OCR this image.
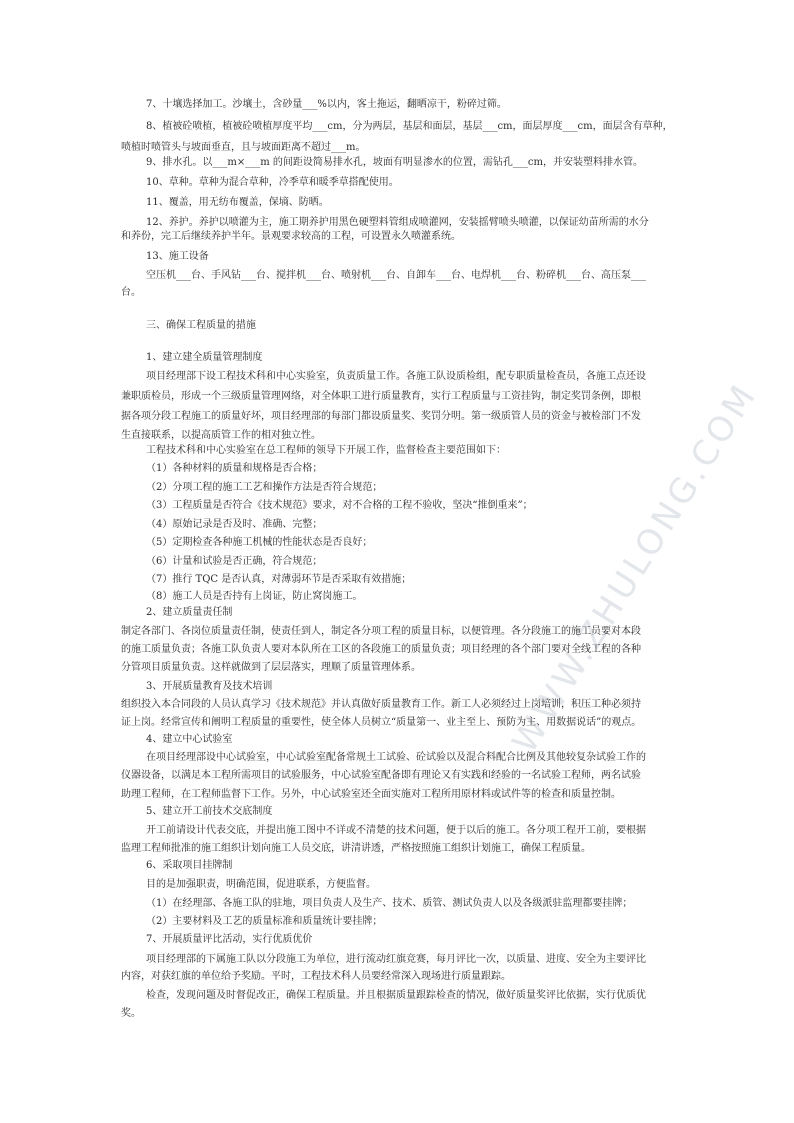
WWW.ZHULONG.COM
7、十壤选择加工。沙壤土，含砂量___%以内，客土拖运，翻晒凉干，粉碎过筛。
8、植被砼喷植，植被砼喷植厚度平均___cm，分为两层，基层和面层，基层___cm，面层厚度___cm，面层含有草种，
喷植时喷管头与坡面垂直，且与坡面距离不超过___m。
9、排水孔。以___m×___m 的间距设简易排水孔，坡面有明显渗水的位置，需钻孔___cm，并安装塑料排水管。
10、草种。草种为混合草种，冷季草和暖季草搭配使用。
11、覆盖，用无纺布覆盖，保墒、防晒。
12、养护。养护以喷灌为主，施工期养护用黑色硬塑料管组成喷灌网，安装摇臂喷头喷灌，以保证幼苗所需的水分
和养份，完工后继续养护半年。景观要求较高的工程，可设置永久喷灌系统。
13、施工设备
空压机___台、手风钻___台、搅拌机___台、喷射机___台、自卸车___台、电焊机___台、粉碎机___台、高压泵___
台。
三、确保工程质量的措施
1、建立建全质量管理制度
项目经理部下设工程技术科和中心实验室，负责质量工作。各施工队设质检组，配专职质量检查员，各施工点还设
兼职质检员，形成一个三级质量管理网络，对全体职工进行质量教育，实行工程质量与工资挂钩，制定奖罚条例，即根
据各项分段工程施工的质量好坏，项目经理部的每部门都设质量奖、奖罚分明。第一级质管人员的资金与被检部门不发
生直接联系，以提高质管工作的相对独立性。
工程技术科和中心实验室在总工程师的领导下开展工作，监督检查主要范围如下：
（1）各种材料的质量和规格是否合格；
（2）分项工程的施工工艺和操作方法是否符合规范；
（3）工程质量是否符合《技术规范》要求，对不合格的工程不验收，坚决“推倒重来”；
（4）原始记录是否及时、准确、完整；
（5）定期检查各种施工机械的性能状态是否良好；
（6）计量和试验是否正确，符合规范；
（7）推行 TQC 是否认真，对薄弱环节是否采取有效措施；
（8）施工人员是否持有上岗证，防止窝岗施工。
2、建立质量责任制
制定各部门、各岗位质量责任制，使责任到人，制定各分项工程的质量目标，以便管理。各分段施工的施工员要对本段
的施工质量负责；各施工队负责人要对本队所在工区的各段施工的质量负责；项目经理的各个部门要对全线工程的各种
分管项目质量负责。这样就做到了层层落实，理顺了质量管理体系。
3、开展质量教育及技术培训
组织投入本合同段的人员认真学习《技术规范》并认真做好质量教育工作。新工人必须经过上岗培训，积压工种必须持
证上岗。经常宣传和阐明工程质量的重要性，使全体人员树立“质量第一、业主至上、预防为主、用数据说话”的观点。
4、建立中心试验室
在项目经理部设中心试验室，中心试验室配备常规土工试验、砼试验以及混合料配合比例及其他较复杂试验工作的
仪器设备，以满足本工程所需项目的试验服务，中心试验室配备即有理论又有实践和经验的一名试验工程师，两名试验
助理工程师，在工程师监督下工作。另外，中心试验室还全面实施对工程所用原材料或试件等的检查和质量控制。
5、建立开工前技术交底制度
开工前请设计代表交底，并提出施工图中不详或不清楚的技术问题，便于以后的施工。各分项工程开工前，要根据
监理工程师批准的施工组织计划向施工人员交底，讲清讲透，严格按照施工组织计划施工，确保工程质量。
6、采取项目挂牌制
目的是加强职责，明确范围，促进联系，方便监督。
（1）在经理部、各施工队的驻地，项目负责人及生产、技术、质管、测试负责人以及各级派驻监理都要挂牌；
（2）主要材料及工艺的质量标准和质量统计要挂牌；
7、开展质量评比活动，实行优质优价
项目经理部的下属施工队以分段施工为单位，进行流动红旗竞赛，每月评比一次，以质量、进度、安全为主要评比
内容，对获红旗的单位给予奖励。平时，工程技术科人员要经常深入现场进行质量跟踪。
检查，发现问题及时督促改正，确保工程质量。并且根据质量跟踪检查的情况，做好质量奖评比依据，实行优质优
奖。
